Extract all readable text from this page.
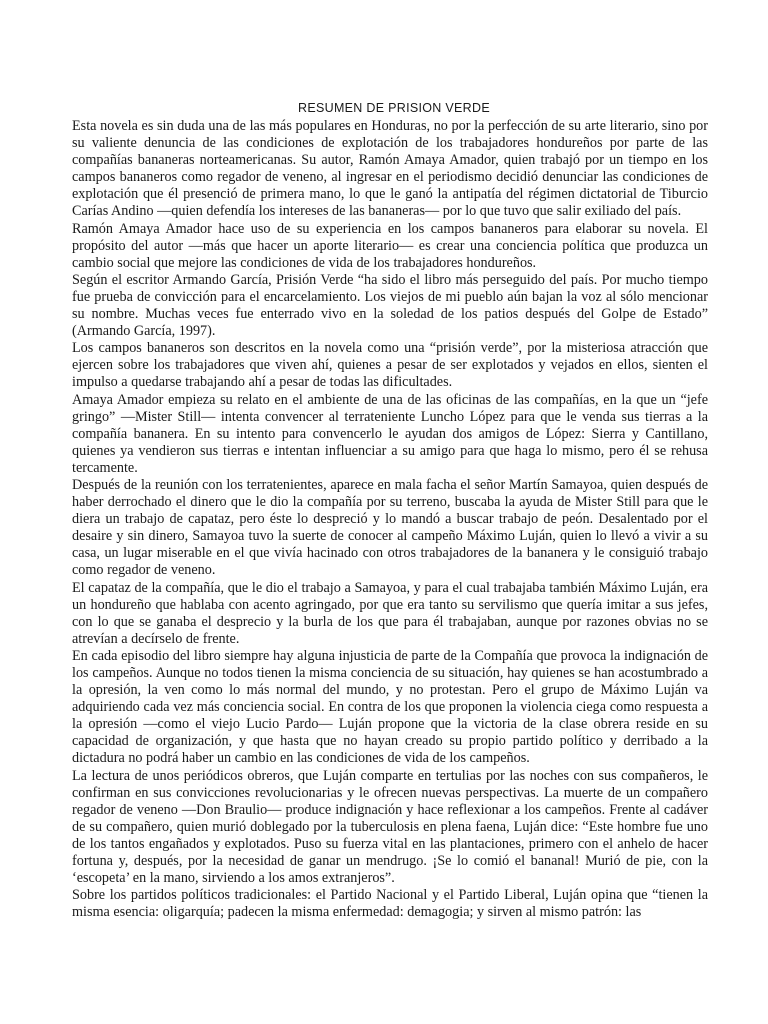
RESUMEN DE PRISION VERDE

Esta novela es sin duda una de las más populares en Honduras, no por la perfección de su arte literario, sino por su valiente denuncia de las condiciones de explotación de los trabajadores hondureños por parte de las compañías bananeras norteamericanas. Su autor, Ramón Amaya Amador, quien trabajó por un tiempo en los campos bananeros como regador de veneno, al ingresar en el periodismo decidió denunciar las condiciones de explotación que él presenció de primera mano, lo que le ganó la antipatía del régimen dictatorial de Tiburcio Carías Andino —quien defendía los intereses de las bananeras— por lo que tuvo que salir exiliado del país.

Ramón Amaya Amador hace uso de su experiencia en los campos bananeros para elaborar su novela. El propósito del autor —más que hacer un aporte literario— es crear una conciencia política que produzca un cambio social que mejore las condiciones de vida de los trabajadores hondureños.

Según el escritor Armando García, Prisión Verde “ha sido el libro más perseguido del país. Por mucho tiempo fue prueba de convicción para el encarcelamiento. Los viejos de mi pueblo aún bajan la voz al sólo mencionar su nombre. Muchas veces fue enterrado vivo en la soledad de los patios después del Golpe de Estado” (Armando García, 1997).

Los campos bananeros son descritos en la novela como una “prisión verde”, por la misteriosa atracción que ejercen sobre los trabajadores que viven ahí, quienes a pesar de ser explotados y vejados en ellos, sienten el impulso a quedarse trabajando ahí a pesar de todas las dificultades.

Amaya Amador empieza su relato en el ambiente de una de las oficinas de las compañías, en la que un “jefe gringo” —Mister Still— intenta convencer al terrateniente Luncho López para que le venda sus tierras a la compañía bananera. En su intento para convencerlo le ayudan dos amigos de López: Sierra y Cantillano, quienes ya vendieron sus tierras e intentan influenciar a su amigo para que haga lo mismo, pero él se rehusa tercamente.

Después de la reunión con los terratenientes, aparece en mala facha el señor Martín Samayoa, quien después de haber derrochado el dinero que le dio la compañía por su terreno, buscaba la ayuda de Mister Still para que le diera un trabajo de capataz, pero éste lo despreció y lo mandó a buscar trabajo de peón. Desalentado por el desaire y sin dinero, Samayoa tuvo la suerte de conocer al campeño Máximo Luján, quien lo llevó a vivir a su casa, un lugar miserable en el que vivía hacinado con otros trabajadores de la bananera y le consiguió trabajo como regador de veneno.

El capataz de la compañía, que le dio el trabajo a Samayoa, y para el cual trabajaba también Máximo Luján, era un hondureño que hablaba con acento agringado, por que era tanto su servilismo que quería imitar a sus jefes, con lo que se ganaba el desprecio y la burla de los que para él trabajaban, aunque por razones obvias no se atrevían a decírselo de frente.

En cada episodio del libro siempre hay alguna injusticia de parte de la Compañía que provoca la indignación de los campeños. Aunque no todos tienen la misma conciencia de su situación, hay quienes se han acostumbrado a la opresión, la ven como lo más normal del mundo, y no protestan. Pero el grupo de Máximo Luján va adquiriendo cada vez más conciencia social. En contra de los que proponen la violencia ciega como respuesta a la opresión —como el viejo Lucio Pardo— Luján propone que la victoria de la clase obrera reside en su capacidad de organización, y que hasta que no hayan creado su propio partido político y derribado a la dictadura no podrá haber un cambio en las condiciones de vida de los campeños.

La lectura de unos periódicos obreros, que Luján comparte en tertulias por las noches con sus compañeros, le confirman en sus convicciones revolucionarias y le ofrecen nuevas perspectivas. La muerte de un compañero regador de veneno —Don Braulio— produce indignación y hace reflexionar a los campeños. Frente al cadáver de su compañero, quien murió doblegado por la tuberculosis en plena faena, Luján dice: “Este hombre fue uno de los tantos engañados y explotados. Puso su fuerza vital en las plantaciones, primero con el anhelo de hacer fortuna y, después, por la necesidad de ganar un mendrugo. ¡Se lo comió el bananal! Murió de pie, con la ‘escopeta’ en la mano, sirviendo a los amos extranjeros”.

Sobre los partidos políticos tradicionales: el Partido Nacional y el Partido Liberal, Luján opina que “tienen la misma esencia: oligarquía; padecen la misma enfermedad: demagogia; y sirven al mismo patrón: las
